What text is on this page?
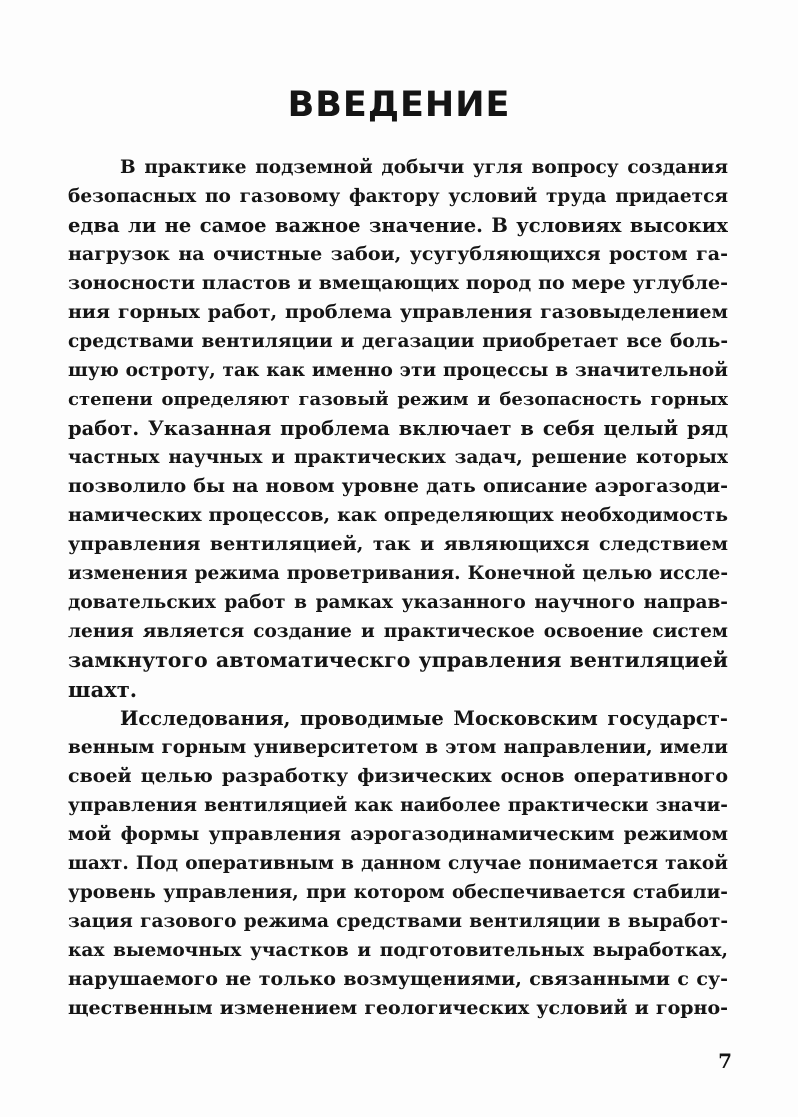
ВВЕДЕНИЕ
В практике подземной добычи угля вопросу создания
безопасных по газовому фактору условий труда придается
едва ли не самое важное значение. В условиях высоких
нагрузок на очистные забои, усугубляющихся ростом га-
зоносности пластов и вмещающих пород по мере углубле-
ния горных работ, проблема управления газовыделением
средствами вентиляции и дегазации приобретает все боль-
шую остроту, так как именно эти процессы в значительной
степени определяют газовый режим и безопасность горных
работ. Указанная проблема включает в себя целый ряд
частных научных и практических задач, решение которых
позволило бы на новом уровне дать описание аэрогазоди-
намических процессов, как определяющих необходимость
управления вентиляцией, так и являющихся следствием
изменения режима проветривания. Конечной целью иссле-
довательских работ в рамках указанного научного направ-
ления является создание и практическое освоение систем
замкнутого автоматическго управления вентиляцией
шахт.
Исследования, проводимые Московским государст-
венным горным университетом в этом направлении, имели
своей целью разработку физических основ оперативного
управления вентиляцией как наиболее практически значи-
мой формы управления аэрогазодинамическим режимом
шахт. Под оперативным в данном случае понимается такой
уровень управления, при котором обеспечивается стабили-
зация газового режима средствами вентиляции в выработ-
ках выемочных участков и подготовительных выработках,
нарушаемого не только возмущениями, связанными с су-
щественным изменением геологических условий и горно-
7
